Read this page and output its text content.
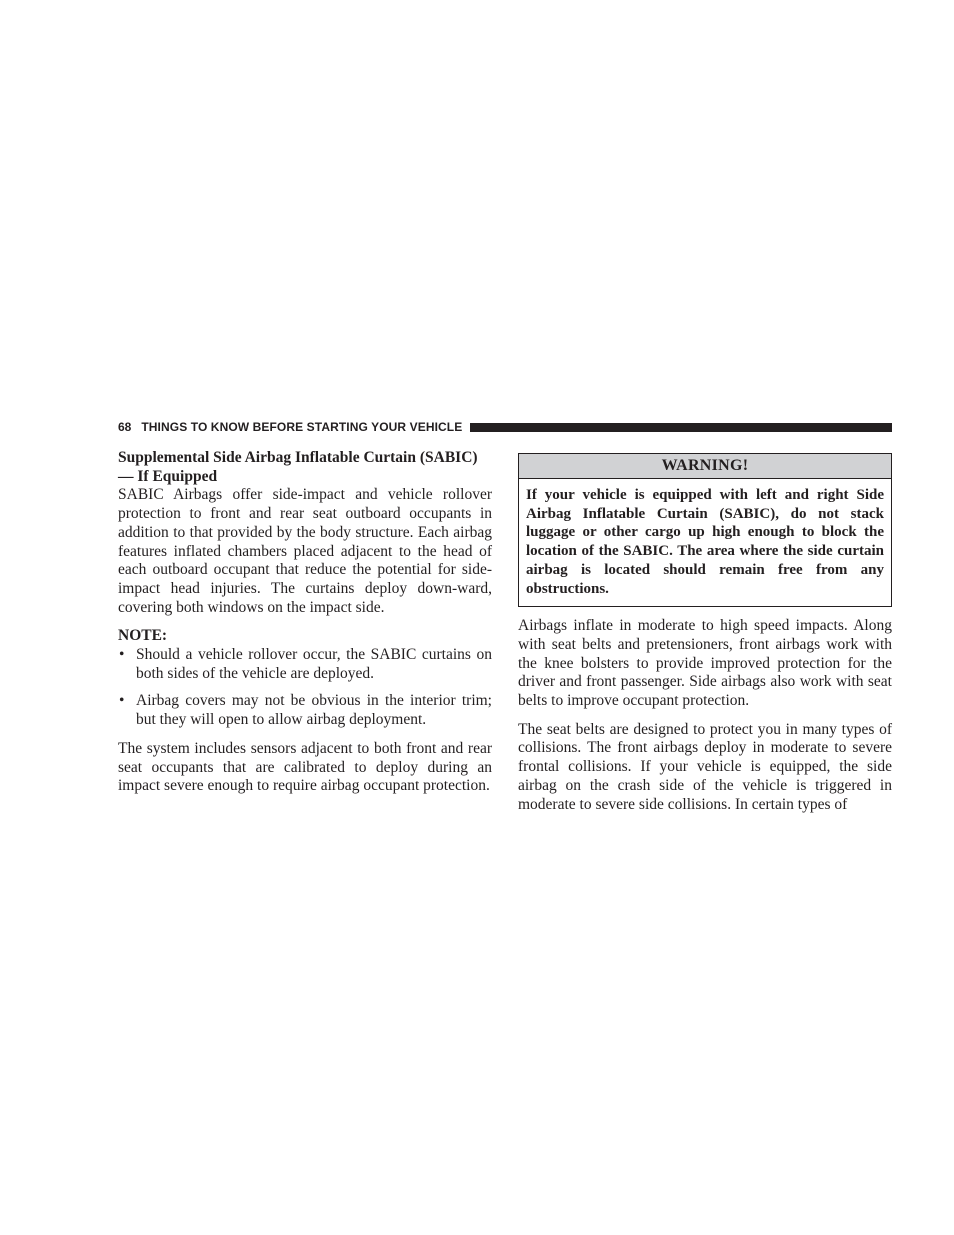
68 THINGS TO KNOW BEFORE STARTING YOUR VEHICLE
Supplemental Side Airbag Inflatable Curtain (SABIC) — If Equipped

SABIC Airbags offer side-impact and vehicle rollover protection to front and rear seat outboard occupants in addition to that provided by the body structure. Each airbag features inflated chambers placed adjacent to the head of each outboard occupant that reduce the potential for side-impact head injuries. The curtains deploy down-ward, covering both windows on the impact side.

NOTE:
• Should a vehicle rollover occur, the SABIC curtains on both sides of the vehicle are deployed.
• Airbag covers may not be obvious in the interior trim; but they will open to allow airbag deployment.

The system includes sensors adjacent to both front and rear seat occupants that are calibrated to deploy during an impact severe enough to require airbag occupant protection.

WARNING!
If your vehicle is equipped with left and right Side Airbag Inflatable Curtain (SABIC), do not stack luggage or other cargo up high enough to block the location of the SABIC. The area where the side curtain airbag is located should remain free from any obstructions.

Airbags inflate in moderate to high speed impacts. Along with seat belts and pretensioners, front airbags work with the knee bolsters to provide improved protection for the driver and front passenger. Side airbags also work with seat belts to improve occupant protection.

The seat belts are designed to protect you in many types of collisions. The front airbags deploy in moderate to severe frontal collisions. If your vehicle is equipped, the side airbag on the crash side of the vehicle is triggered in moderate to severe side collisions. In certain types of
